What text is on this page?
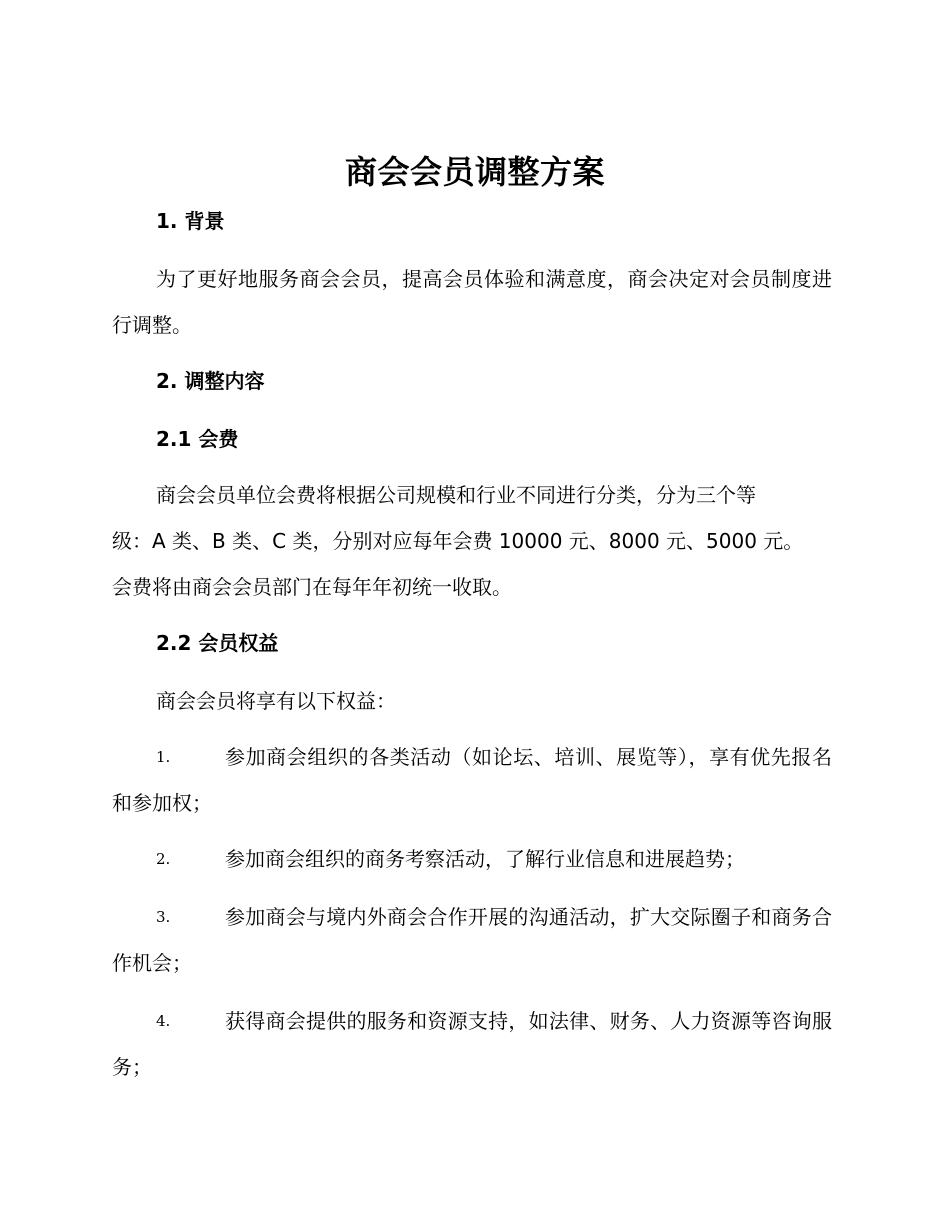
商会会员调整方案
1. 背景
为了更好地服务商会会员，提高会员体验和满意度，商会决定对会员制度进行调整。
2. 调整内容
2.1 会费
商会会员单位会费将根据公司规模和行业不同进行分类，分为三个等
级：A 类、B 类、C 类，分别对应每年会费 10000 元、8000 元、5000 元。
会费将由商会会员部门在每年年初统一收取。
2.2 会员权益
商会会员将享有以下权益：
1.	参加商会组织的各类活动（如论坛、培训、展览等），享有优先报名和参加权；
2.	参加商会组织的商务考察活动，了解行业信息和进展趋势；
3.	参加商会与境内外商会合作开展的沟通活动，扩大交际圈子和商务合作机会；
4.	获得商会提供的服务和资源支持，如法律、财务、人力资源等咨询服务；
